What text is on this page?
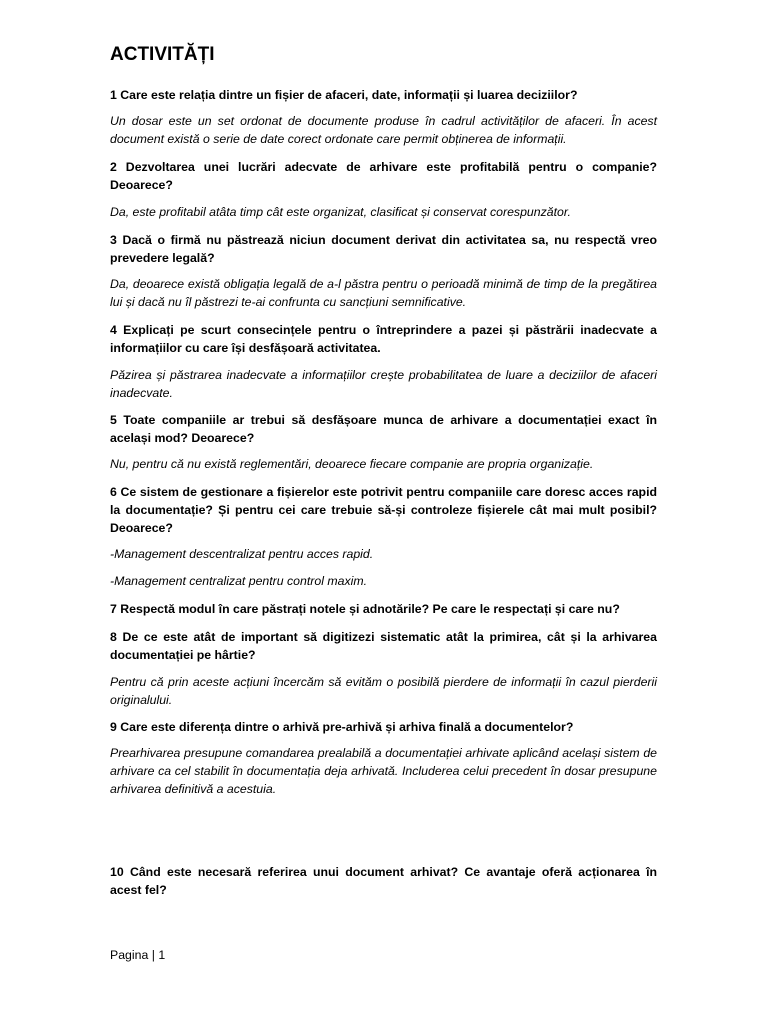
ACTIVITĂȚI

1 Care este relația dintre un fișier de afaceri, date, informații și luarea deciziilor?

Un dosar este un set ordonat de documente produse în cadrul activităților de afaceri. În acest document există o serie de date corect ordonate care permit obținerea de informații.

2 Dezvoltarea unei lucrări adecvate de arhivare este profitabilă pentru o companie? Deoarece?

Da, este profitabil atâta timp cât este organizat, clasificat și conservat corespunzător.

3 Dacă o firmă nu păstrează niciun document derivat din activitatea sa, nu respectă vreo prevedere legală?

Da, deoarece există obligația legală de a-l păstra pentru o perioadă minimă de timp de la pregătirea lui și dacă nu îl păstrezi te-ai confrunta cu sancțiuni semnificative.

4 Explicați pe scurt consecințele pentru o întreprindere a pazei și păstrării inadecvate a informațiilor cu care își desfășoară activitatea.

Păzirea și păstrarea inadecvate a informațiilor crește probabilitatea de luare a deciziilor de afaceri inadecvate.

5 Toate companiile ar trebui să desfășoare munca de arhivare a documentației exact în același mod? Deoarece?

Nu, pentru că nu există reglementări, deoarece fiecare companie are propria organizație.

6 Ce sistem de gestionare a fișierelor este potrivit pentru companiile care doresc acces rapid la documentație? Și pentru cei care trebuie să-și controleze fișierele cât mai mult posibil? Deoarece?

-Management descentralizat pentru acces rapid.

-Management centralizat pentru control maxim.

7 Respectă modul în care păstrați notele și adnotările? Pe care le respectați și care nu?

8 De ce este atât de important să digitizezi sistematic atât la primirea, cât și la arhivarea documentației pe hârtie?

Pentru că prin aceste acțiuni încercăm să evităm o posibilă pierdere de informații în cazul pierderii originalului.

9 Care este diferența dintre o arhivă pre-arhivă și arhiva finală a documentelor?

Prearhivarea presupune comandarea prealabilă a documentației arhivate aplicând același sistem de arhivare ca cel stabilit în documentația deja arhivată. Includerea celui precedent în dosar presupune arhivarea definitivă a acestuia.

10 Când este necesară referirea unui document arhivat? Ce avantaje oferă acționarea în acest fel?

Pagina | 1
